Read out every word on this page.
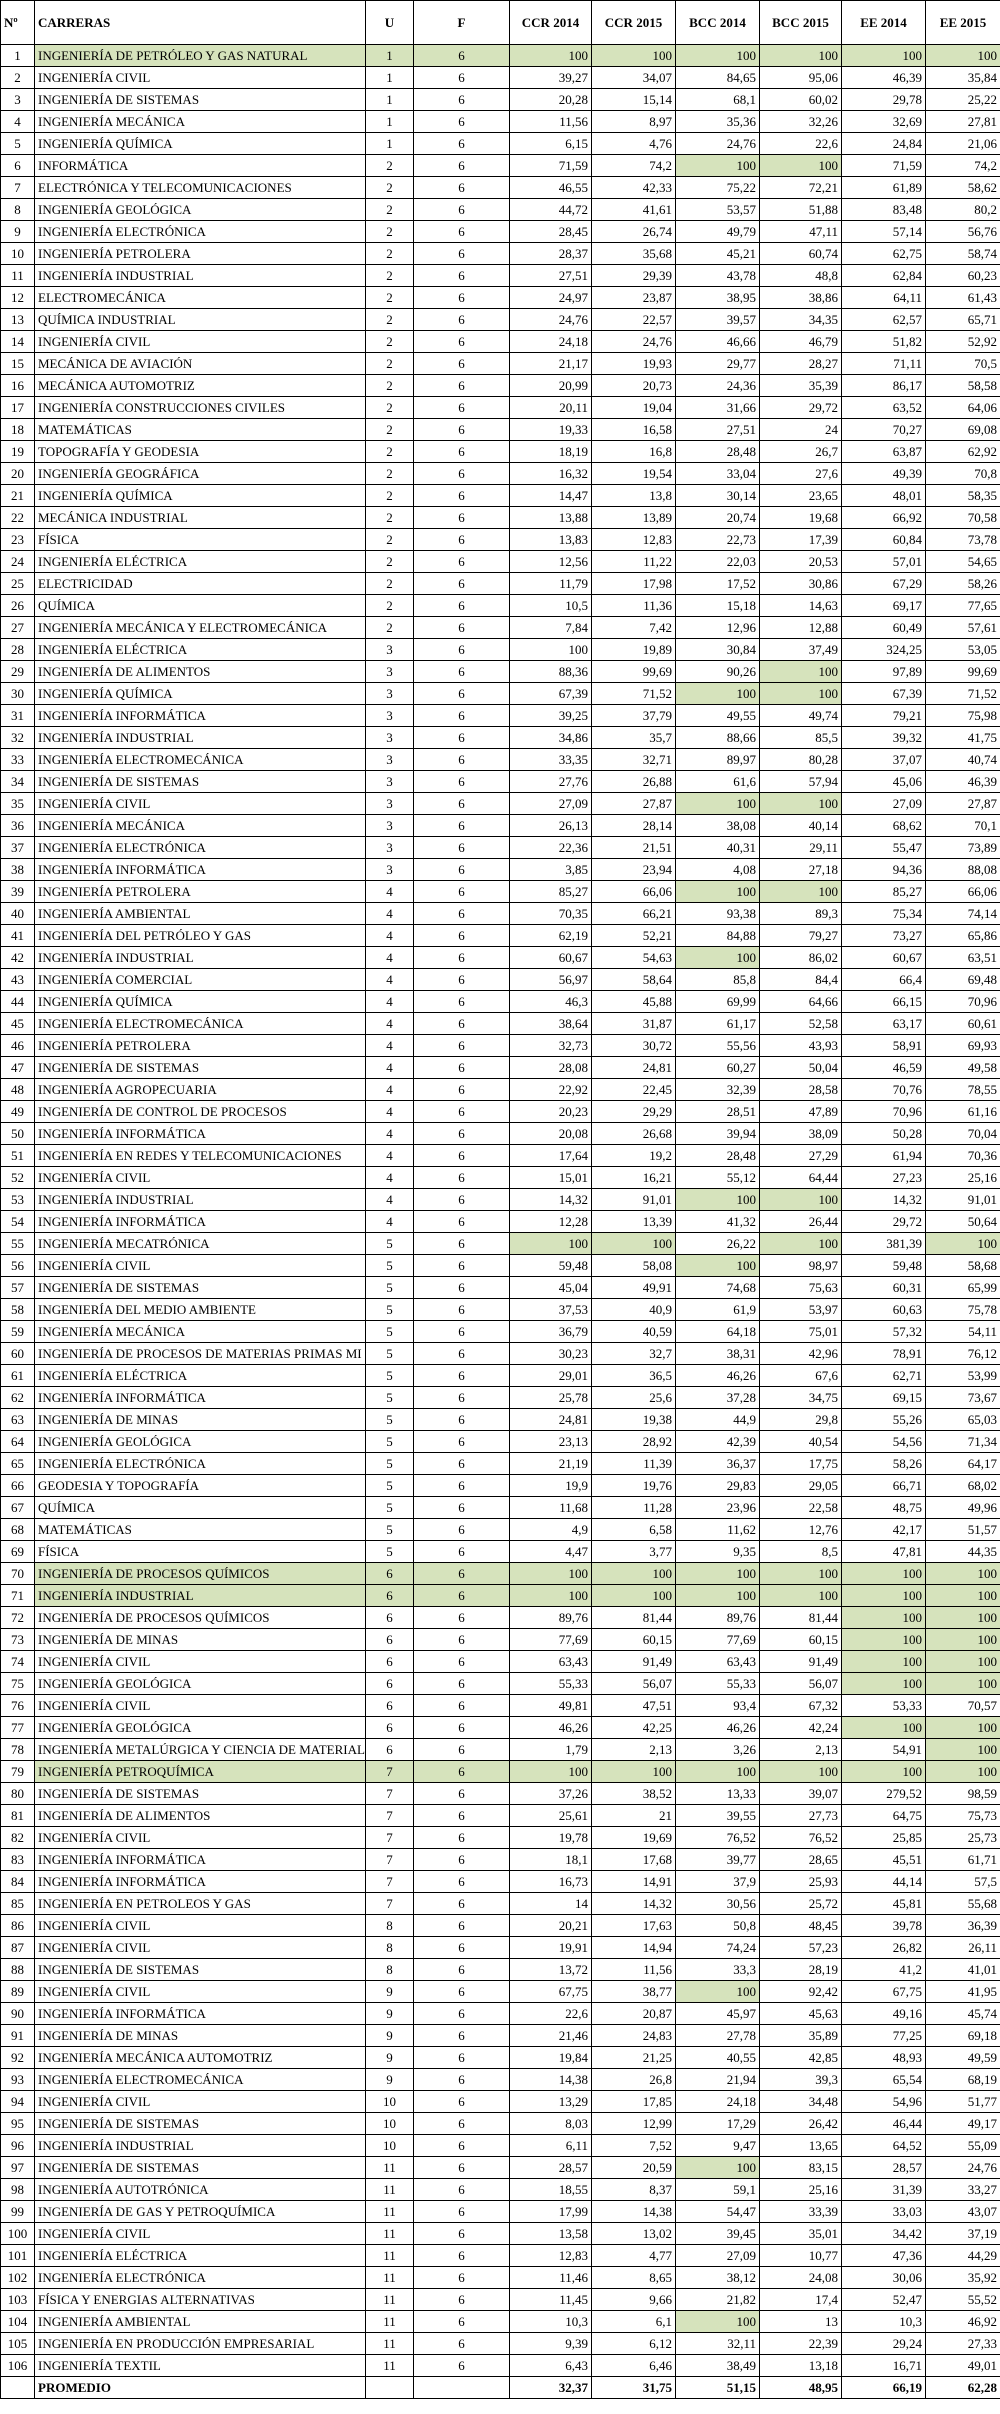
Nº	CARRERAS	U	F	CCR 2014	CCR 2015	BCC 2014	BCC 2015	EE 2014	EE 2015
1	INGENIERÍA DE PETRÓLEO Y GAS NATURAL	1	6	100	100	100	100	100	100
2	INGENIERÍA CIVIL	1	6	39,27	34,07	84,65	95,06	46,39	35,84
3	INGENIERÍA DE SISTEMAS	1	6	20,28	15,14	68,1	60,02	29,78	25,22
4	INGENIERÍA MECÁNICA	1	6	11,56	8,97	35,36	32,26	32,69	27,81
5	INGENIERÍA QUÍMICA	1	6	6,15	4,76	24,76	22,6	24,84	21,06
6	INFORMÁTICA	2	6	71,59	74,2	100	100	71,59	74,2
7	ELECTRÓNICA Y TELECOMUNICACIONES	2	6	46,55	42,33	75,22	72,21	61,89	58,62
8	INGENIERÍA GEOLÓGICA	2	6	44,72	41,61	53,57	51,88	83,48	80,2
9	INGENIERÍA ELECTRÓNICA	2	6	28,45	26,74	49,79	47,11	57,14	56,76
10	INGENIERÍA PETROLERA	2	6	28,37	35,68	45,21	60,74	62,75	58,74
11	INGENIERÍA INDUSTRIAL	2	6	27,51	29,39	43,78	48,8	62,84	60,23
12	ELECTROMECÁNICA	2	6	24,97	23,87	38,95	38,86	64,11	61,43
13	QUÍMICA INDUSTRIAL	2	6	24,76	22,57	39,57	34,35	62,57	65,71
14	INGENIERÍA CIVIL	2	6	24,18	24,76	46,66	46,79	51,82	52,92
15	MECÁNICA DE AVIACIÓN	2	6	21,17	19,93	29,77	28,27	71,11	70,5
16	MECÁNICA AUTOMOTRIZ	2	6	20,99	20,73	24,36	35,39	86,17	58,58
17	INGENIERÍA CONSTRUCCIONES CIVILES	2	6	20,11	19,04	31,66	29,72	63,52	64,06
18	MATEMÁTICAS	2	6	19,33	16,58	27,51	24	70,27	69,08
19	TOPOGRAFÍA Y GEODESIA	2	6	18,19	16,8	28,48	26,7	63,87	62,92
20	INGENIERÍA GEOGRÁFICA	2	6	16,32	19,54	33,04	27,6	49,39	70,8
21	INGENIERÍA QUÍMICA	2	6	14,47	13,8	30,14	23,65	48,01	58,35
22	MECÁNICA INDUSTRIAL	2	6	13,88	13,89	20,74	19,68	66,92	70,58
23	FÍSICA	2	6	13,83	12,83	22,73	17,39	60,84	73,78
24	INGENIERÍA ELÉCTRICA	2	6	12,56	11,22	22,03	20,53	57,01	54,65
25	ELECTRICIDAD	2	6	11,79	17,98	17,52	30,86	67,29	58,26
26	QUÍMICA	2	6	10,5	11,36	15,18	14,63	69,17	77,65
27	INGENIERÍA MECÁNICA Y ELECTROMECÁNICA	2	6	7,84	7,42	12,96	12,88	60,49	57,61
28	INGENIERÍA ELÉCTRICA	3	6	100	19,89	30,84	37,49	324,25	53,05
29	INGENIERÍA DE ALIMENTOS	3	6	88,36	99,69	90,26	100	97,89	99,69
30	INGENIERÍA QUÍMICA	3	6	67,39	71,52	100	100	67,39	71,52
31	INGENIERÍA INFORMÁTICA	3	6	39,25	37,79	49,55	49,74	79,21	75,98
32	INGENIERÍA INDUSTRIAL	3	6	34,86	35,7	88,66	85,5	39,32	41,75
33	INGENIERÍA ELECTROMECÁNICA	3	6	33,35	32,71	89,97	80,28	37,07	40,74
34	INGENIERÍA DE SISTEMAS	3	6	27,76	26,88	61,6	57,94	45,06	46,39
35	INGENIERÍA CIVIL	3	6	27,09	27,87	100	100	27,09	27,87
36	INGENIERÍA MECÁNICA	3	6	26,13	28,14	38,08	40,14	68,62	70,1
37	INGENIERÍA ELECTRÓNICA	3	6	22,36	21,51	40,31	29,11	55,47	73,89
38	INGENIERÍA INFORMÁTICA	3	6	3,85	23,94	4,08	27,18	94,36	88,08
39	INGENIERÍA PETROLERA	4	6	85,27	66,06	100	100	85,27	66,06
40	INGENIERÍA AMBIENTAL	4	6	70,35	66,21	93,38	89,3	75,34	74,14
41	INGENIERÍA DEL PETRÓLEO Y GAS	4	6	62,19	52,21	84,88	79,27	73,27	65,86
42	INGENIERÍA INDUSTRIAL	4	6	60,67	54,63	100	86,02	60,67	63,51
43	INGENIERÍA COMERCIAL	4	6	56,97	58,64	85,8	84,4	66,4	69,48
44	INGENIERÍA QUÍMICA	4	6	46,3	45,88	69,99	64,66	66,15	70,96
45	INGENIERÍA ELECTROMECÁNICA	4	6	38,64	31,87	61,17	52,58	63,17	60,61
46	INGENIERÍA PETROLERA	4	6	32,73	30,72	55,56	43,93	58,91	69,93
47	INGENIERÍA DE SISTEMAS	4	6	28,08	24,81	60,27	50,04	46,59	49,58
48	INGENIERÍA AGROPECUARIA	4	6	22,92	22,45	32,39	28,58	70,76	78,55
49	INGENIERÍA DE CONTROL DE PROCESOS	4	6	20,23	29,29	28,51	47,89	70,96	61,16
50	INGENIERÍA INFORMÁTICA	4	6	20,08	26,68	39,94	38,09	50,28	70,04
51	INGENIERÍA EN REDES Y TELECOMUNICACIONES	4	6	17,64	19,2	28,48	27,29	61,94	70,36
52	INGENIERÍA CIVIL	4	6	15,01	16,21	55,12	64,44	27,23	25,16
53	INGENIERÍA INDUSTRIAL	4	6	14,32	91,01	100	100	14,32	91,01
54	INGENIERÍA INFORMÁTICA	4	6	12,28	13,39	41,32	26,44	29,72	50,64
55	INGENIERÍA MECATRÓNICA	5	6	100	100	26,22	100	381,39	100
56	INGENIERÍA CIVIL	5	6	59,48	58,08	100	98,97	59,48	58,68
57	INGENIERÍA DE SISTEMAS	5	6	45,04	49,91	74,68	75,63	60,31	65,99
58	INGENIERÍA DEL MEDIO AMBIENTE	5	6	37,53	40,9	61,9	53,97	60,63	75,78
59	INGENIERÍA MECÁNICA	5	6	36,79	40,59	64,18	75,01	57,32	54,11
60	INGENIERÍA DE PROCESOS DE MATERIAS PRIMAS MI	5	6	30,23	32,7	38,31	42,96	78,91	76,12
61	INGENIERÍA ELÉCTRICA	5	6	29,01	36,5	46,26	67,6	62,71	53,99
62	INGENIERÍA INFORMÁTICA	5	6	25,78	25,6	37,28	34,75	69,15	73,67
63	INGENIERÍA DE MINAS	5	6	24,81	19,38	44,9	29,8	55,26	65,03
64	INGENIERÍA GEOLÓGICA	5	6	23,13	28,92	42,39	40,54	54,56	71,34
65	INGENIERÍA ELECTRÓNICA	5	6	21,19	11,39	36,37	17,75	58,26	64,17
66	GEODESIA Y TOPOGRAFÍA	5	6	19,9	19,76	29,83	29,05	66,71	68,02
67	QUÍMICA	5	6	11,68	11,28	23,96	22,58	48,75	49,96
68	MATEMÁTICAS	5	6	4,9	6,58	11,62	12,76	42,17	51,57
69	FÍSICA	5	6	4,47	3,77	9,35	8,5	47,81	44,35
70	INGENIERÍA DE PROCESOS QUÍMICOS	6	6	100	100	100	100	100	100
71	INGENIERÍA INDUSTRIAL	6	6	100	100	100	100	100	100
72	INGENIERÍA DE PROCESOS QUÍMICOS	6	6	89,76	81,44	89,76	81,44	100	100
73	INGENIERÍA DE MINAS	6	6	77,69	60,15	77,69	60,15	100	100
74	INGENIERÍA CIVIL	6	6	63,43	91,49	63,43	91,49	100	100
75	INGENIERÍA GEOLÓGICA	6	6	55,33	56,07	55,33	56,07	100	100
76	INGENIERÍA CIVIL	6	6	49,81	47,51	93,4	67,32	53,33	70,57
77	INGENIERÍA GEOLÓGICA	6	6	46,26	42,25	46,26	42,24	100	100
78	INGENIERÍA METALÚRGICA Y CIENCIA DE MATERIAL	6	6	1,79	2,13	3,26	2,13	54,91	100
79	INGENIERÍA PETROQUÍMICA	7	6	100	100	100	100	100	100
80	INGENIERÍA DE SISTEMAS	7	6	37,26	38,52	13,33	39,07	279,52	98,59
81	INGENIERÍA DE ALIMENTOS	7	6	25,61	21	39,55	27,73	64,75	75,73
82	INGENIERÍA CIVIL	7	6	19,78	19,69	76,52	76,52	25,85	25,73
83	INGENIERÍA INFORMÁTICA	7	6	18,1	17,68	39,77	28,65	45,51	61,71
84	INGENIERÍA INFORMÁTICA	7	6	16,73	14,91	37,9	25,93	44,14	57,5
85	INGENIERÍA EN PETROLEOS Y GAS	7	6	14	14,32	30,56	25,72	45,81	55,68
86	INGENIERÍA CIVIL	8	6	20,21	17,63	50,8	48,45	39,78	36,39
87	INGENIERÍA CIVIL	8	6	19,91	14,94	74,24	57,23	26,82	26,11
88	INGENIERÍA DE SISTEMAS	8	6	13,72	11,56	33,3	28,19	41,2	41,01
89	INGENIERÍA CIVIL	9	6	67,75	38,77	100	92,42	67,75	41,95
90	INGENIERÍA INFORMÁTICA	9	6	22,6	20,87	45,97	45,63	49,16	45,74
91	INGENIERÍA DE MINAS	9	6	21,46	24,83	27,78	35,89	77,25	69,18
92	INGENIERÍA MECÁNICA AUTOMOTRIZ	9	6	19,84	21,25	40,55	42,85	48,93	49,59
93	INGENIERÍA ELECTROMECÁNICA	9	6	14,38	26,8	21,94	39,3	65,54	68,19
94	INGENIERÍA CIVIL	10	6	13,29	17,85	24,18	34,48	54,96	51,77
95	INGENIERÍA DE SISTEMAS	10	6	8,03	12,99	17,29	26,42	46,44	49,17
96	INGENIERÍA INDUSTRIAL	10	6	6,11	7,52	9,47	13,65	64,52	55,09
97	INGENIERÍA DE SISTEMAS	11	6	28,57	20,59	100	83,15	28,57	24,76
98	INGENIERÍA AUTOTRÓNICA	11	6	18,55	8,37	59,1	25,16	31,39	33,27
99	INGENIERÍA DE GAS Y PETROQUÍMICA	11	6	17,99	14,38	54,47	33,39	33,03	43,07
100	INGENIERÍA CIVIL	11	6	13,58	13,02	39,45	35,01	34,42	37,19
101	INGENIERÍA ELÉCTRICA	11	6	12,83	4,77	27,09	10,77	47,36	44,29
102	INGENIERÍA ELECTRÓNICA	11	6	11,46	8,65	38,12	24,08	30,06	35,92
103	FÍSICA Y ENERGIAS ALTERNATIVAS	11	6	11,45	9,66	21,82	17,4	52,47	55,52
104	INGENIERÍA AMBIENTAL	11	6	10,3	6,1	100	13	10,3	46,92
105	INGENIERÍA EN PRODUCCIÓN EMPRESARIAL	11	6	9,39	6,12	32,11	22,39	29,24	27,33
106	INGENIERÍA TEXTIL	11	6	6,43	6,46	38,49	13,18	16,71	49,01
	PROMEDIO			32,37	31,75	51,15	48,95	66,19	62,28
